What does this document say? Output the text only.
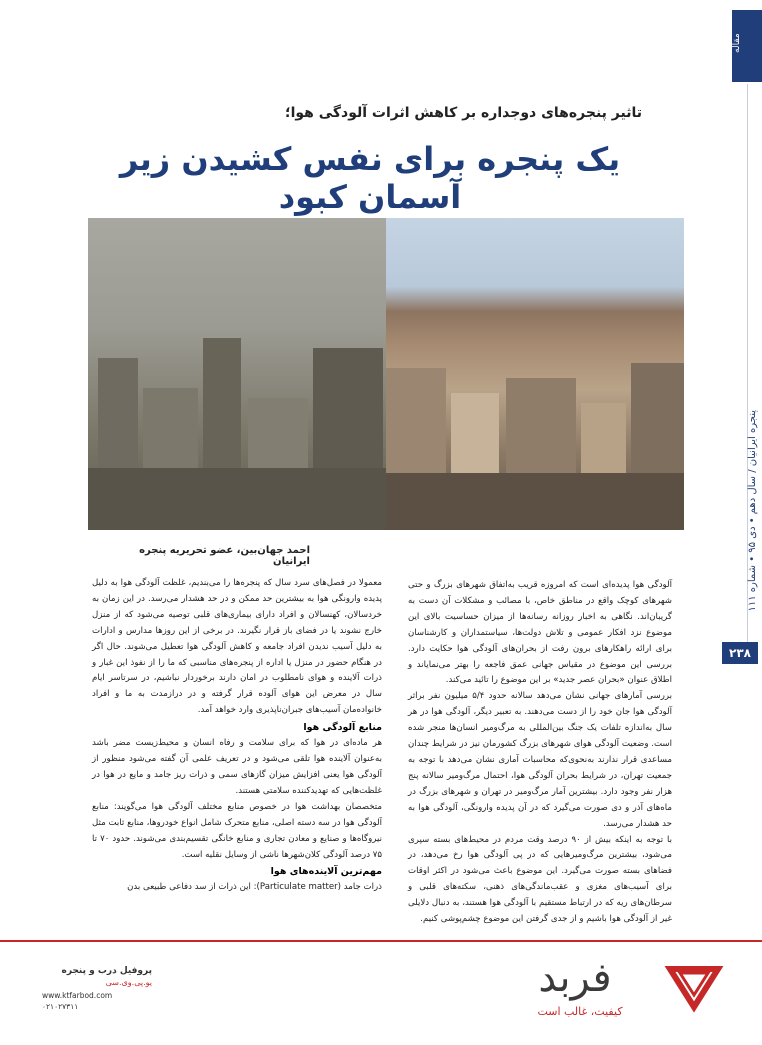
مقاله
تاثیر پنجره‌های دوجداره بر کاهش اثرات آلودگی هوا؛
یک پنجره برای نفس کشیدن زیر آسمان کبود
پنجره ایرانیان / سال دهم • دی ۹۵ • شماره ۱۱۱
۲۳۸
احمد جهان‌بین، عضو تحریریه پنجره ایرانیان

آلودگی هوا پدیده‌ای است که امروزه قریب به‌اتفاق شهرهای بزرگ و حتی شهرهای کوچک واقع در مناطق خاص، با مصائب و مشکلات آن دست به گریبان‌اند. نگاهی به اخبار روزانه رسانه‌ها از میزان حساسیت بالای این موضوع نزد افکار عمومی و تلاش دولت‌ها، سیاستمداران و کارشناسان برای ارائه راهکارهای برون رفت از بحران‌های آلودگی هوا حکایت دارد. بررسی این موضوع در مقیاس جهانی عمق فاجعه را بهتر می‌نمایاند و اطلاق عنوان «بحران عصر جدید» بر این موضوع را تائید می‌کند.

بررسی آمارهای جهانی نشان می‌دهد سالانه حدود ۵/۴ میلیون نفر براثر آلودگی هوا جان خود را از دست می‌دهند. به تعبیر دیگر، آلودگی هوا در هر سال به‌اندازه تلفات یک جنگ بین‌المللی به مرگ‌ومیر انسان‌ها منجر شده است. وضعیت آلودگی هوای شهرهای بزرگ کشورمان نیز در شرایط چندان مساعدی قرار ندارند به‌نحوی‌که محاسبات آماری نشان می‌دهد با توجه به جمعیت تهران، در شرایط بحران آلودگی هوا، احتمال مرگ‌ومیر سالانه پنج هزار نفر وجود دارد. بیشترین آمار مرگ‌ومیر در تهران و شهرهای بزرگ در ماه‌های آذر و دی صورت می‌گیرد که در آن پدیده وارونگی، آلودگی هوا به حد هشدار می‌رسد.

با توجه به اینکه بیش از ۹۰ درصد وقت مردم در محیط‌های بسته سپری می‌شود، بیشترین مرگ‌ومیرهایی که در پی آلودگی هوا رخ می‌دهد، در فضاهای بسته صورت می‌گیرد. این موضوع باعث می‌شود در اکثر اوقات برای آسیب‌های مغزی و عقب‌ماندگی‌های ذهنی، سکته‌های قلبی و سرطان‌های ریه که در ارتباط مستقیم با آلودگی هوا هستند، به دنبال دلایلی غیر از آلودگی هوا باشیم و از جدی گرفتن این موضوع چشم‌پوشی کنیم.

معمولا در فصل‌های سرد سال که پنجره‌ها را می‌بندیم، غلظت آلودگی هوا به دلیل پدیده وارونگی هوا به بیشترین حد ممکن و در حد هشدار می‌رسد. در این زمان به خردسالان، کهنسالان و افراد دارای بیماری‌های قلبی توصیه می‌شود که از منزل خارج نشوند یا در فضای باز قرار نگیرند. در برخی از این روزها مدارس و ادارات به دلیل آسیب ندیدن افراد جامعه و کاهش آلودگی هوا تعطیل می‌شوند. حال اگر در هنگام حضور در منزل یا اداره از پنجره‌های مناسبی که ما را از نفوذ این غبار و ذرات آلاینده و هوای نامطلوب در امان دارند برخوردار نباشیم، در سرتاسر ایام سال در معرض این هوای آلوده قرار گرفته و در درازمدت به ما و افراد خانواده‌مان آسیب‌های جبران‌ناپذیری وارد خواهد آمد.

منابع آلودگی هوا

هر ماده‌ای در هوا که برای سلامت و رفاه انسان و محیط‌زیست مضر باشد به‌عنوان آلاینده هوا تلقی می‌شود و در تعریف علمی آن گفته می‌شود منظور از آلودگی هوا یعنی افزایش میزان گازهای سمی و ذرات ریز جامد و مایع در هوا در غلظت‌هایی که تهدیدکننده سلامتی هستند.

متخصصان بهداشت هوا در خصوص منابع مختلف آلودگی هوا می‌گویند: منابع آلودگی هوا در سه دسته اصلی، منابع متحرک شامل انواع خودروها، منابع ثابت مثل نیروگاه‌ها و صنایع و معادن تجاری و منابع خانگی تقسیم‌بندی می‌شوند. حدود ۷۰ تا ۷۵ درصد آلودگی کلان‌شهرها ناشی از وسایل نقلیه است.

مهم‌ترین آلاینده‌های هوا

ذرات جامد (Particulate matter): این ذرات از سد دفاعی طبیعی بدن

پروفیل درب و پنجره
یو.پی.وی.سی
www.ktfarbod.com
۰۲۱۰۲۷۳۱۱
فربد
کیفیت، غالب است
